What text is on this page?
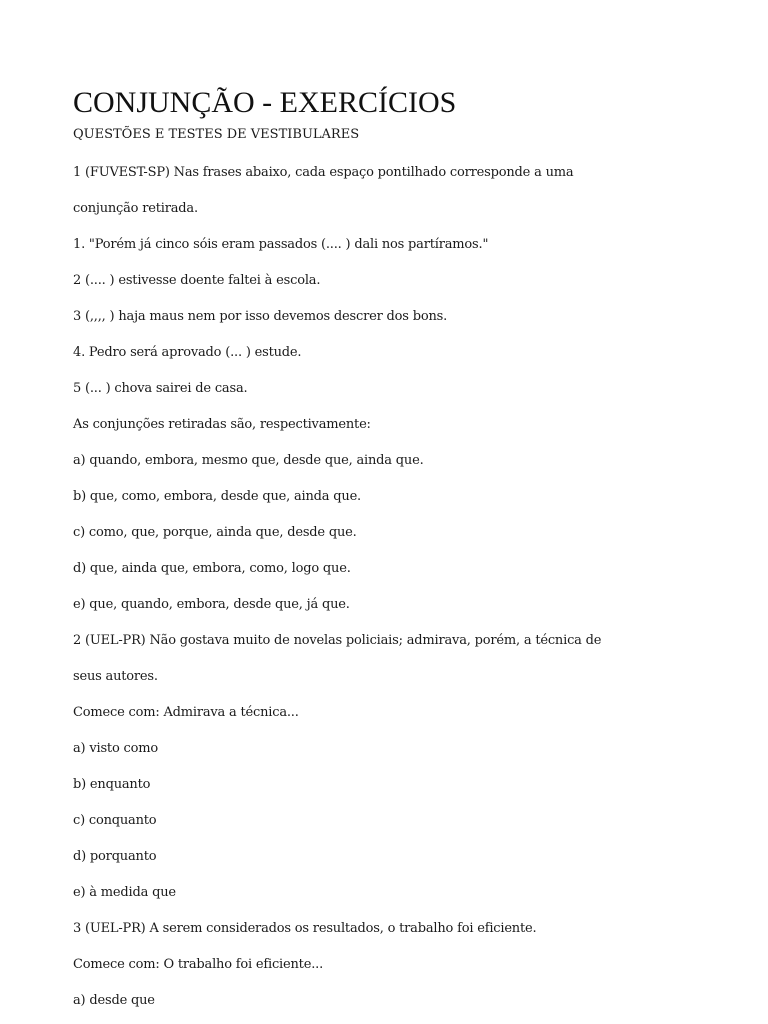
CONJUNÇÃO - EXERCÍCIOS

QUESTÕES E TESTES DE VESTIBULARES

1 (FUVEST-SP) Nas frases abaixo, cada espaço pontilhado corresponde a uma

conjunção retirada.

1. "Porém já cinco sóis eram passados (.... ) dali nos partíramos."

2 (.... ) estivesse doente faltei à escola.

3 (,,,, ) haja maus nem por isso devemos descrer dos bons.

4. Pedro será aprovado (... ) estude.

5 (... ) chova sairei de casa.

As conjunções retiradas são, respectivamente:

a) quando, embora, mesmo que, desde que, ainda que.

b) que, como, embora, desde que, ainda que.

c) como, que, porque, ainda que, desde que.

d) que, ainda que, embora, como, logo que.

e) que, quando, embora, desde que, já que.

2 (UEL-PR) Não gostava muito de novelas policiais; admirava, porém, a técnica de

seus autores.

Comece com: Admirava a técnica...

a) visto como

b) enquanto

c) conquanto

d) porquanto

e) à medida que

3 (UEL-PR) A serem considerados os resultados, o trabalho foi eficiente.

Comece com: O trabalho foi eficiente...

a) desde que
